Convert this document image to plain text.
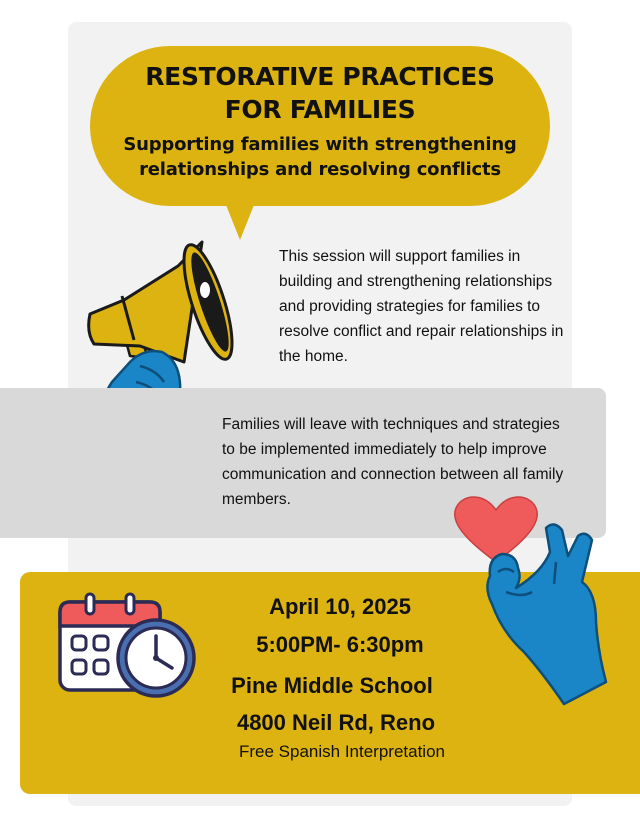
RESTORATIVE PRACTICES
FOR FAMILIES
Supporting families with strengthening
relationships and resolving conflicts
This session will support families in building and strengthening relationships and providing strategies for families to resolve conflict and repair relationships in the home.
Families will leave with techniques and strategies to be implemented immediately to help improve communication and connection between all family members.
April 10, 2025
5:00PM- 6:30pm
Pine Middle School
4800 Neil Rd, Reno
Free Spanish Interpretation
